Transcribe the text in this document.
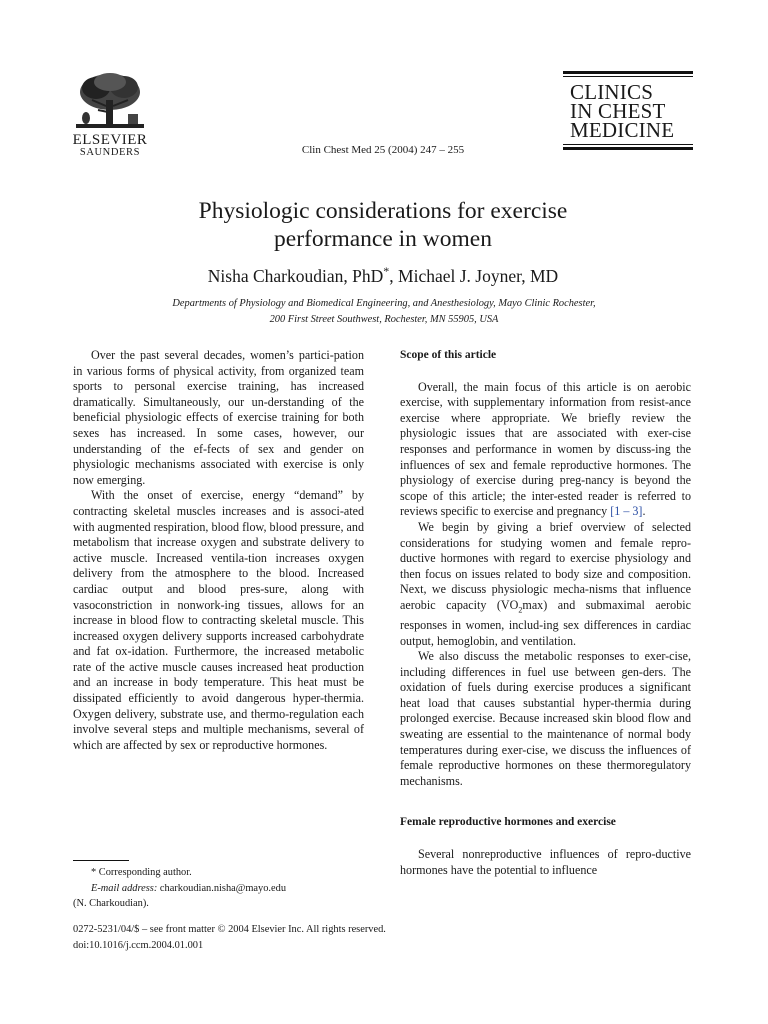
ELSEVIER
SAUNDERS
CLINICS
IN CHEST
MEDICINE
Clin Chest Med 25 (2004) 247 – 255
Physiologic considerations for exercise
performance in women
Nisha Charkoudian, PhD*, Michael J. Joyner, MD
Departments of Physiology and Biomedical Engineering, and Anesthesiology, Mayo Clinic Rochester,
200 First Street Southwest, Rochester, MN 55905, USA

Over the past several decades, women’s partici-pation in various forms of physical activity, from organized team sports to personal exercise training, has increased dramatically. Simultaneously, our un-derstanding of the beneficial physiologic effects of exercise training for both sexes has increased. In some cases, however, our understanding of the ef-fects of sex and gender on physiologic mechanisms associated with exercise is only now emerging.

With the onset of exercise, energy “demand” by contracting skeletal muscles increases and is associ-ated with augmented respiration, blood flow, blood pressure, and metabolism that increase oxygen and substrate delivery to active muscle. Increased ventila-tion increases oxygen delivery from the atmosphere to the blood. Increased cardiac output and blood pres-sure, along with vasoconstriction in nonwork-ing tissues, allows for an increase in blood flow to contracting skeletal muscle. This increased oxygen delivery supports increased carbohydrate and fat ox-idation. Furthermore, the increased metabolic rate of the active muscle causes increased heat production and an increase in body temperature. This heat must be dissipated efficiently to avoid dangerous hyper-thermia. Oxygen delivery, substrate use, and thermo-regulation each involve several steps and multiple mechanisms, several of which are affected by sex or reproductive hormones.

Scope of this article

Overall, the main focus of this article is on aerobic exercise, with supplementary information from resist-ance exercise where appropriate. We briefly review the physiologic issues that are associated with exer-cise responses and performance in women by discuss-ing the influences of sex and female reproductive hormones. The physiology of exercise during preg-nancy is beyond the scope of this article; the inter-ested reader is referred to reviews specific to exercise and pregnancy [1 – 3].

We begin by giving a brief overview of selected considerations for studying women and female repro-ductive hormones with regard to exercise physiology and then focus on issues related to body size and composition. Next, we discuss physiologic mecha-nisms that influence aerobic capacity $(VO_2\max)$ and submaximal aerobic responses in women, includ-ing sex differences in cardiac output, hemoglobin, and ventilation.

We also discuss the metabolic responses to exer-cise, including differences in fuel use between gen-ders. The oxidation of fuels during exercise produces a significant heat load that causes substantial hyper-thermia during prolonged exercise. Because increased skin blood flow and sweating are essential to the maintenance of normal body temperatures during exer-cise, we discuss the influences of female reproductive hormones on these thermoregulatory mechanisms.

Female reproductive hormones and exercise

Several nonreproductive influences of repro-ductive hormones have the potential to influence

* Corresponding author.
E-mail address: charkoudian.nisha@mayo.edu
(N. Charkoudian).
0272-5231/04/$ – see front matter © 2004 Elsevier Inc. All rights reserved.
doi:10.1016/j.ccm.2004.01.001
